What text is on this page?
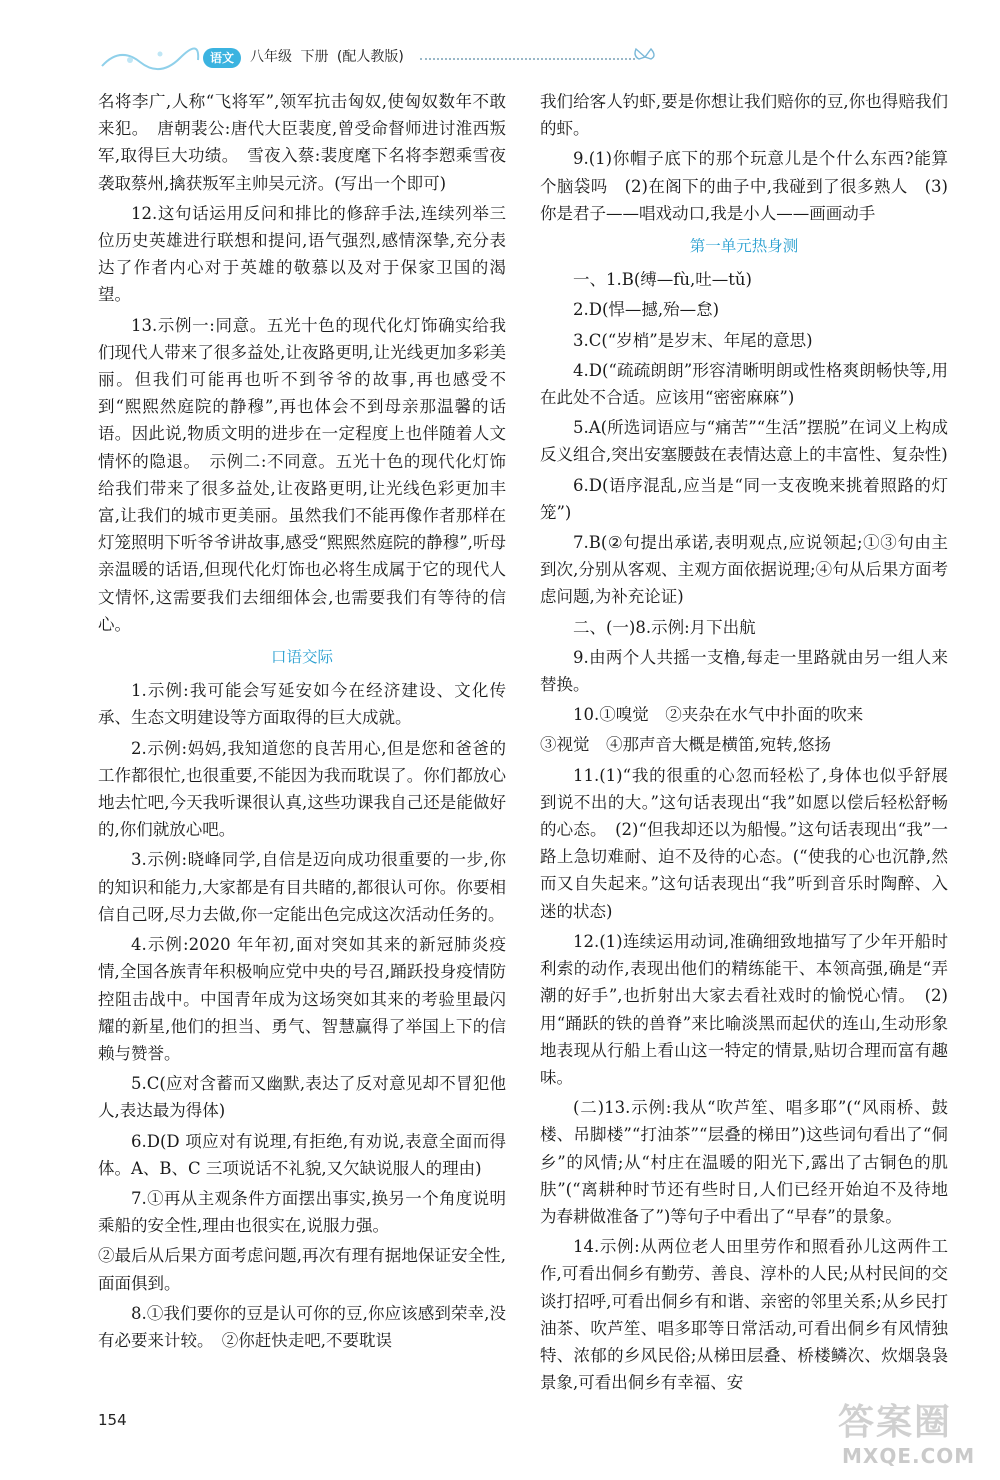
语文	八年级 下册 (配人教版)

名将李广,人称“飞将军”,领军抗击匈奴,使匈奴数年不敢来犯。　唐朝裴公:唐代大臣裴度,曾受命督师进讨淮西叛军,取得巨大功绩。　雪夜入蔡:裴度麾下名将李愬乘雪夜袭取蔡州,擒获叛军主帅吴元济。(写出一个即可)

12.这句话运用反问和排比的修辞手法,连续列举三位历史英雄进行联想和提问,语气强烈,感情深挚,充分表达了作者内心对于英雄的敬慕以及对于保家卫国的渴望。

13.示例一:同意。五光十色的现代化灯饰确实给我们现代人带来了很多益处,让夜路更明,让光线更加多彩美丽。但我们可能再也听不到爷爷的故事,再也感受不到“熙熙然庭院的静穆”,再也体会不到母亲那温馨的话语。因此说,物质文明的进步在一定程度上也伴随着人文情怀的隐退。　示例二:不同意。五光十色的现代化灯饰给我们带来了很多益处,让夜路更明,让光线色彩更加丰富,让我们的城市更美丽。虽然我们不能再像作者那样在灯笼照明下听爷爷讲故事,感受“熙熙然庭院的静穆”,听母亲温暖的话语,但现代化灯饰也必将生成属于它的现代人文情怀,这需要我们去细细体会,也需要我们有等待的信心。

口语交际

1.示例:我可能会写延安如今在经济建设、文化传承、生态文明建设等方面取得的巨大成就。

2.示例:妈妈,我知道您的良苦用心,但是您和爸爸的工作都很忙,也很重要,不能因为我而耽误了。你们都放心地去忙吧,今天我听课很认真,这些功课我自己还是能做好的,你们就放心吧。

3.示例:晓峰同学,自信是迈向成功很重要的一步,你的知识和能力,大家都是有目共睹的,都很认可你。你要相信自己呀,尽力去做,你一定能出色完成这次活动任务的。

4.示例:2020 年年初,面对突如其来的新冠肺炎疫情,全国各族青年积极响应党中央的号召,踊跃投身疫情防控阻击战中。中国青年成为这场突如其来的考验里最闪耀的新星,他们的担当、勇气、智慧赢得了举国上下的信赖与赞誉。

5.C(应对含蓄而又幽默,表达了反对意见却不冒犯他人,表达最为得体)

6.D(D 项应对有说理,有拒绝,有劝说,表意全面而得体。A、B、C 三项说话不礼貌,又欠缺说服人的理由)

7.①再从主观条件方面摆出事实,换另一个角度说明乘船的安全性,理由也很实在,说服力强。

②最后从后果方面考虑问题,再次有理有据地保证安全性,面面俱到。

8.①我们要你的豆是认可你的豆,你应该感到荣幸,没有必要来计较。　②你赶快走吧,不要耽误

我们给客人钓虾,要是你想让我们赔你的豆,你也得赔我们的虾。

9.(1)你帽子底下的那个玩意儿是个什么东西?能算个脑袋吗　(2)在阁下的曲子中,我碰到了很多熟人　(3)你是君子——唱戏动口,我是小人——画画动手

第一单元热身测

一、1.B(缚—fù,吐—tǔ)

2.D(悍—撼,殆—怠)

3.C(“岁梢”是岁末、年尾的意思)

4.D(“疏疏朗朗”形容清晰明朗或性格爽朗畅快等,用在此处不合适。应该用“密密麻麻”)

5.A(所选词语应与“痛苦”“生活”摆脱”在词义上构成反义组合,突出安塞腰鼓在表情达意上的丰富性、复杂性)

6.D(语序混乱,应当是“同一支夜晚来挑着照路的灯笼”)

7.B(②句提出承诺,表明观点,应说领起;①③句由主到次,分别从客观、主观方面依据说理;④句从后果方面考虑问题,为补充论证)

二、(一)8.示例:月下出航

9.由两个人共摇一支橹,每走一里路就由另一组人来替换。

10.①嗅觉　②夹杂在水气中扑面的吹来

③视觉　④那声音大概是横笛,宛转,悠扬

11.(1)“我的很重的心忽而轻松了,身体也似乎舒展到说不出的大。”这句话表现出“我”如愿以偿后轻松舒畅的心态。　(2)“但我却还以为船慢。”这句话表现出“我”一路上急切难耐、迫不及待的心态。(“使我的心也沉静,然而又自失起来。”这句话表现出“我”听到音乐时陶醉、入迷的状态)

12.(1)连续运用动词,准确细致地描写了少年开船时利索的动作,表现出他们的精练能干、本领高强,确是“弄潮的好手”,也折射出大家去看社戏时的愉悦心情。　(2)用“踊跃的铁的兽脊”来比喻淡黑而起伏的连山,生动形象地表现从行船上看山这一特定的情景,贴切合理而富有趣味。

(二)13.示例:我从“吹芦笙、唱多耶”(“风雨桥、鼓楼、吊脚楼”“打油茶”“层叠的梯田”)这些词句看出了“侗乡”的风情;从“村庄在温暖的阳光下,露出了古铜色的肌肤”(“离耕种时节还有些时日,人们已经开始迫不及待地为春耕做准备了”)等句子中看出了“早春”的景象。

14.示例:从两位老人田里劳作和照看孙儿这两件工作,可看出侗乡有勤劳、善良、淳朴的人民;从村民间的交谈打招呼,可看出侗乡有和谐、亲密的邻里关系;从乡民打油茶、吹芦笙、唱多耶等日常活动,可看出侗乡有风情独特、浓郁的乡风民俗;从梯田层叠、桥楼鳞次、炊烟袅袅景象,可看出侗乡有幸福、安

154	答案圈
MXQE.COM
